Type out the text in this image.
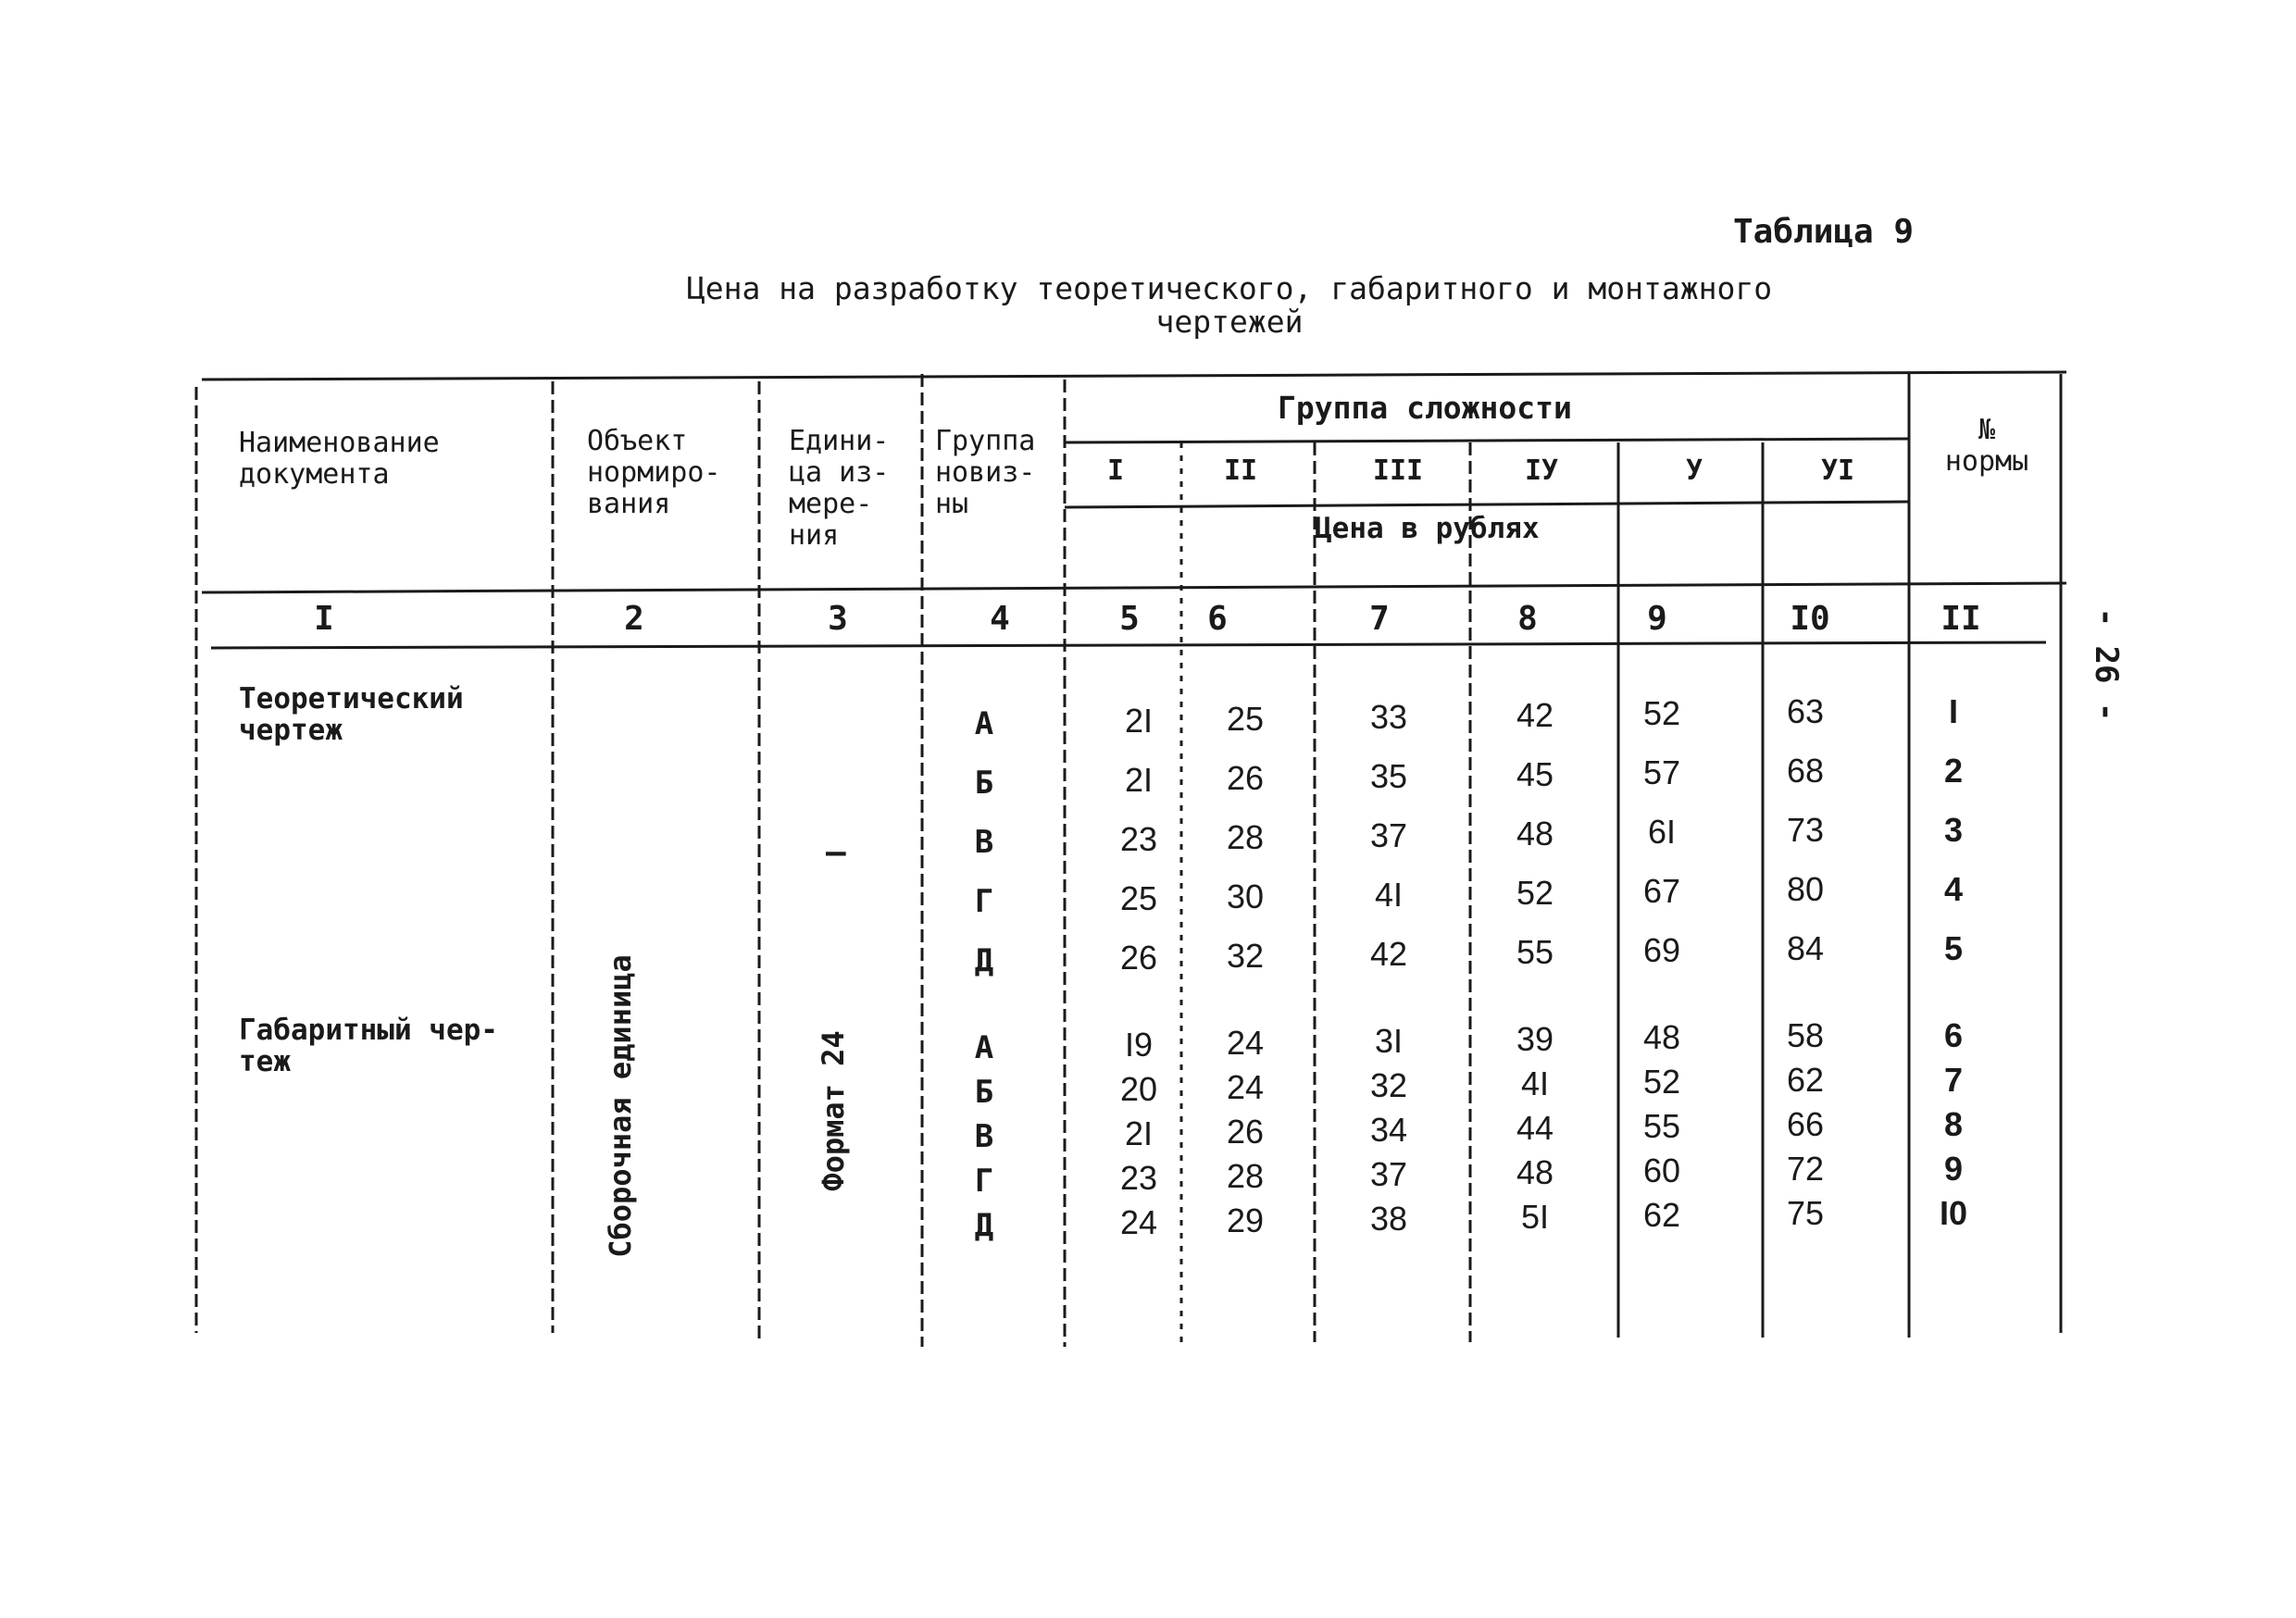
Таблица 9
Цена на разработку теоретического, габаритного и монтажного
чертежей
Наименование
документа
Объект
нормиро-
вания
Едини-
ца из-
мере-
ния
Группа
новиз-
ны
Группа сложности
Цена в рублях
№
нормы
I	II	III	IУ	У	УI
I	2	3	4	5	6	7	8	9	I0	II
Теоретический
чертеж
Габаритный чер-
теж	Сборочная единица
–
Формат 24
А	2I	25	33	42	52	63	I
Б	2I	26	35	45	57	68	2
В	23	28	37	48	6I	73	3
Г	25	30	4I	52	67	80	4
Д	26	32	42	55	69	84	5
А	I9	24	3I	39	48	58	6
Б	20	24	32	4I	52	62	7
В	2I	26	34	44	55	66	8
Г	23	28	37	48	60	72	9
Д	24	29	38	5I	62	75	I0
- 26 -
